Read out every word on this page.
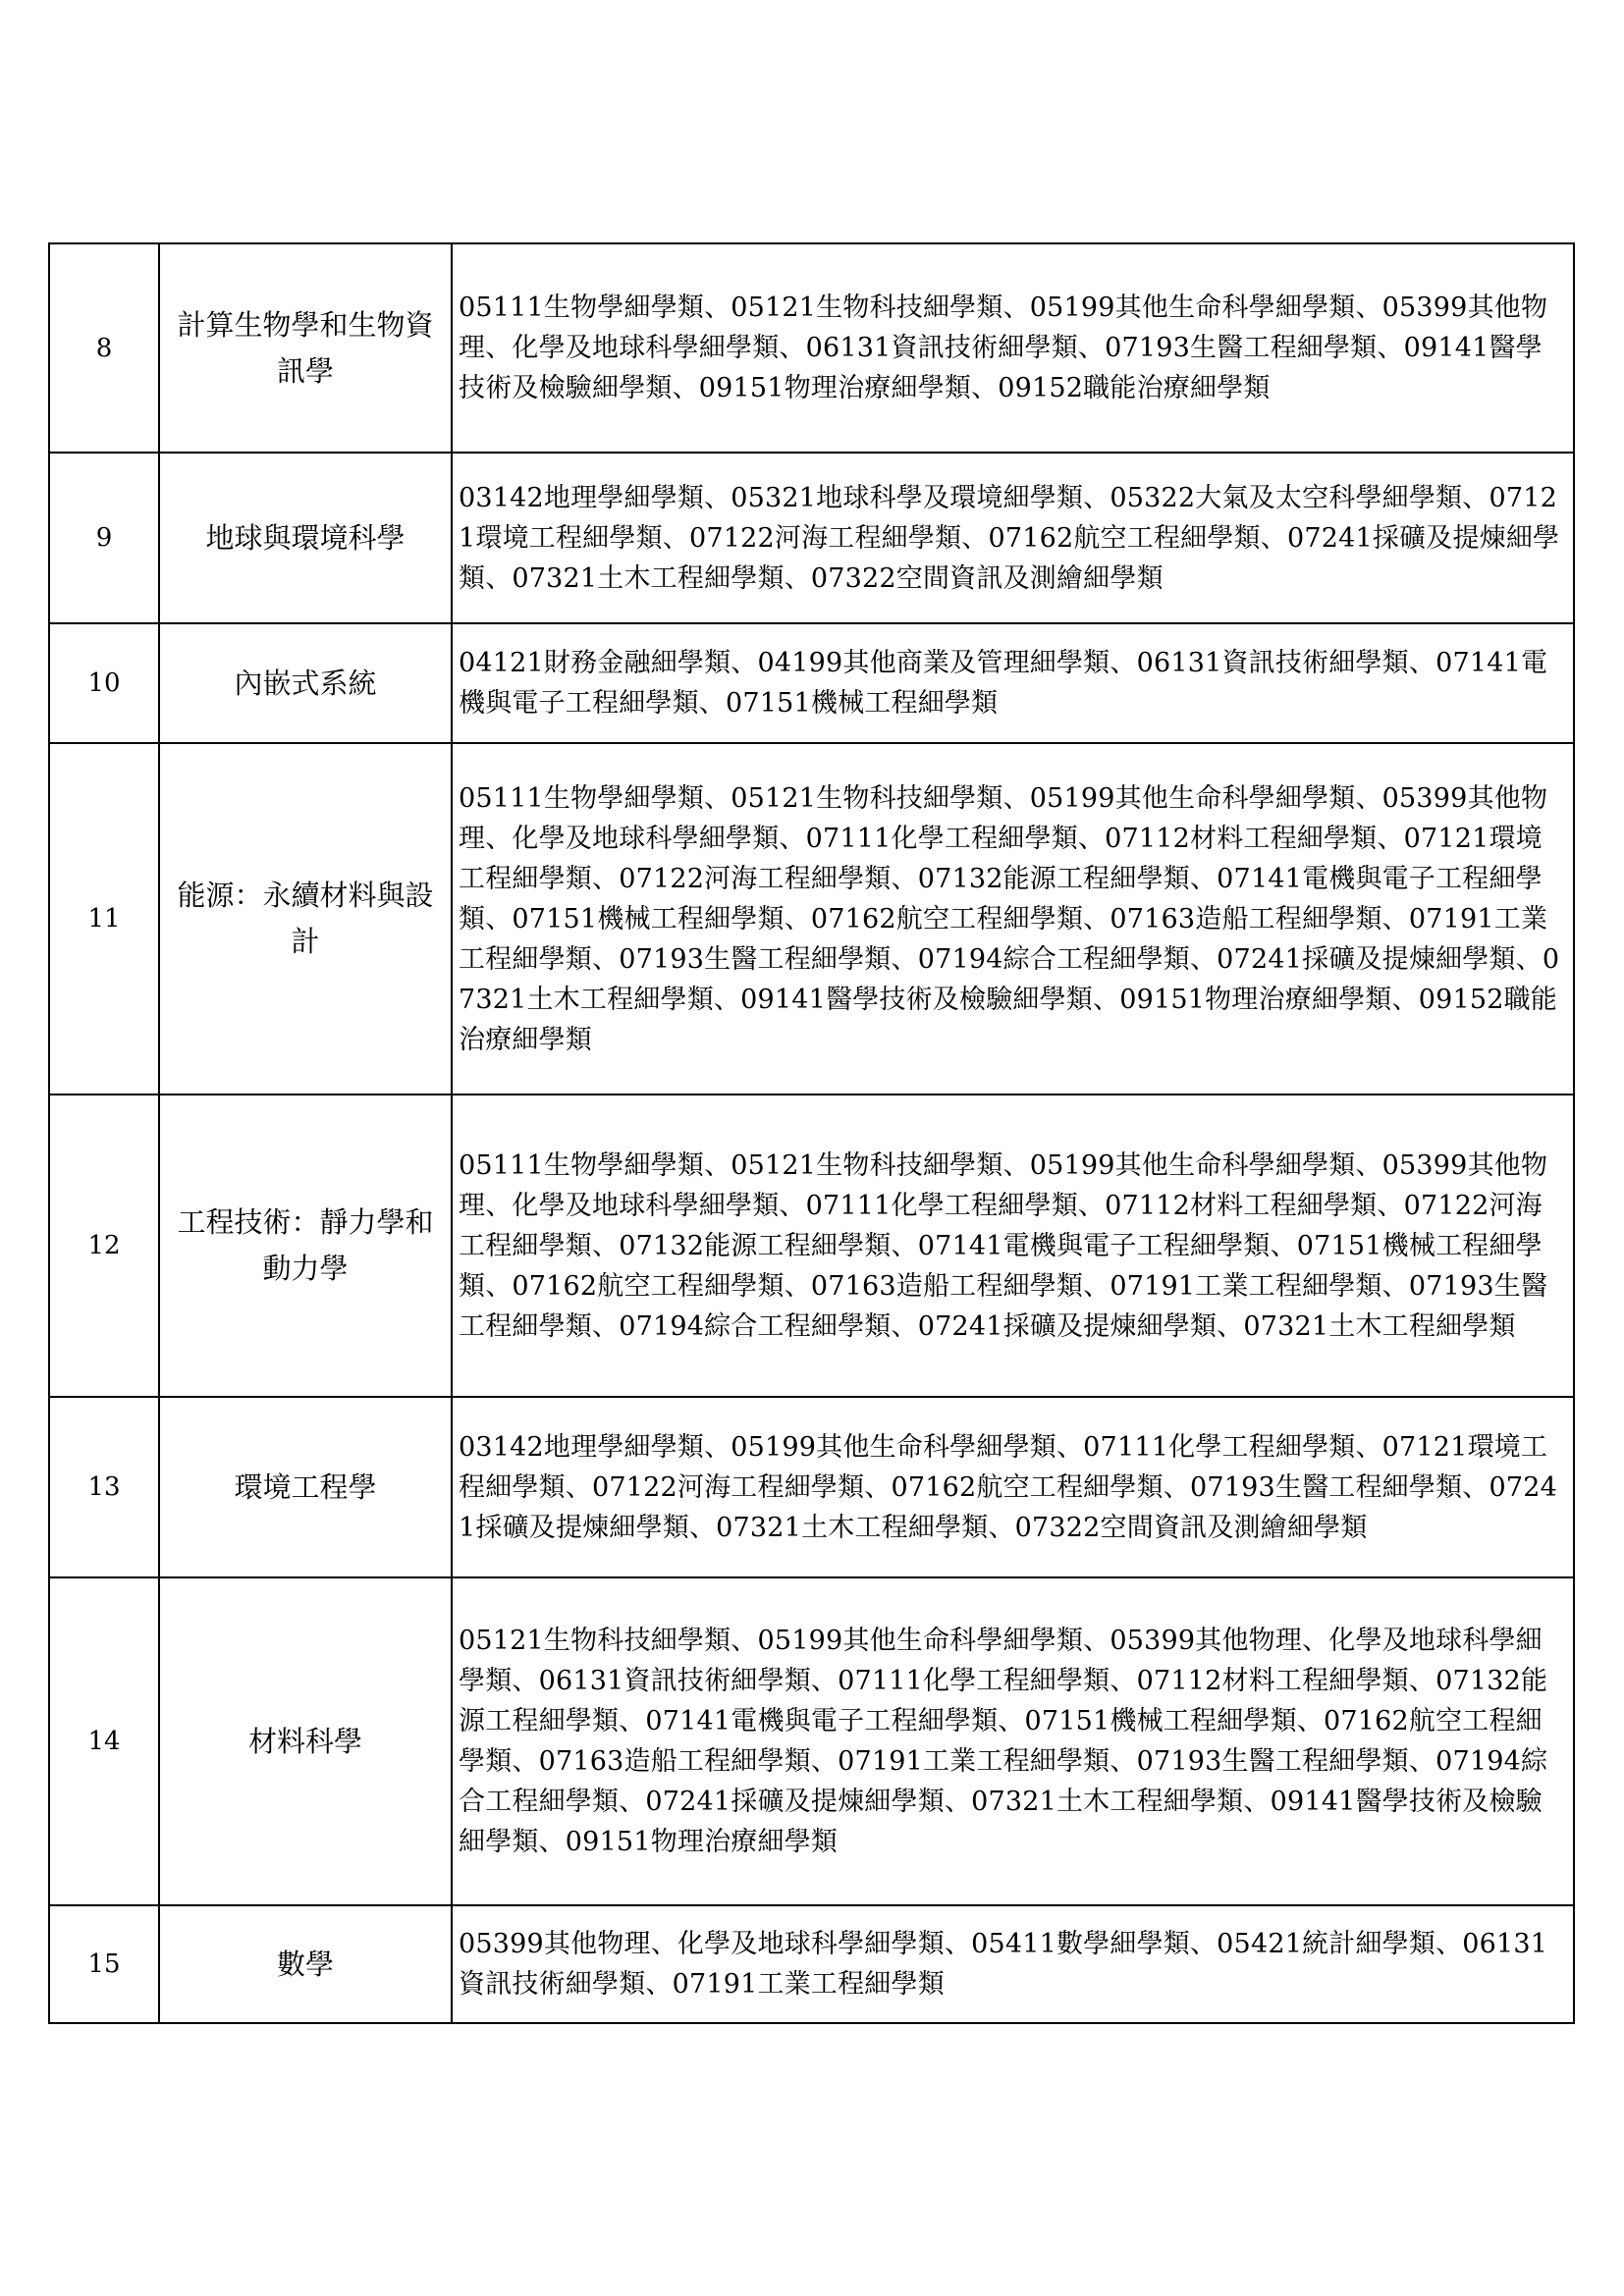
8	計算生物學和生物資訊學	05111生物學細學類、05121生物科技細學類、05199其他生命科學細學類、05399其他物理、化學及地球科學細學類、06131資訊技術細學類、07193生醫工程細學類、09141醫學技術及檢驗細學類、09151物理治療細學類、09152職能治療細學類
9	地球與環境科學	03142地理學細學類、05321地球科學及環境細學類、05322大氣及太空科學細學類、07121環境工程細學類、07122河海工程細學類、07162航空工程細學類、07241採礦及提煉細學類、07321土木工程細學類、07322空間資訊及測繪細學類
10	內嵌式系統	04121財務金融細學類、04199其他商業及管理細學類、06131資訊技術細學類、07141電機與電子工程細學類、07151機械工程細學類
11	能源：永續材料與設計	05111生物學細學類、05121生物科技細學類、05199其他生命科學細學類、05399其他物理、化學及地球科學細學類、07111化學工程細學類、07112材料工程細學類、07121環境工程細學類、07122河海工程細學類、07132能源工程細學類、07141電機與電子工程細學類、07151機械工程細學類、07162航空工程細學類、07163造船工程細學類、07191工業工程細學類、07193生醫工程細學類、07194綜合工程細學類、07241採礦及提煉細學類、07321土木工程細學類、09141醫學技術及檢驗細學類、09151物理治療細學類、09152職能治療細學類
12	工程技術：靜力學和動力學	05111生物學細學類、05121生物科技細學類、05199其他生命科學細學類、05399其他物理、化學及地球科學細學類、07111化學工程細學類、07112材料工程細學類、07122河海工程細學類、07132能源工程細學類、07141電機與電子工程細學類、07151機械工程細學類、07162航空工程細學類、07163造船工程細學類、07191工業工程細學類、07193生醫工程細學類、07194綜合工程細學類、07241採礦及提煉細學類、07321土木工程細學類
13	環境工程學	03142地理學細學類、05199其他生命科學細學類、07111化學工程細學類、07121環境工程細學類、07122河海工程細學類、07162航空工程細學類、07193生醫工程細學類、07241採礦及提煉細學類、07321土木工程細學類、07322空間資訊及測繪細學類
14	材料科學	05121生物科技細學類、05199其他生命科學細學類、05399其他物理、化學及地球科學細學類、06131資訊技術細學類、07111化學工程細學類、07112材料工程細學類、07132能源工程細學類、07141電機與電子工程細學類、07151機械工程細學類、07162航空工程細學類、07163造船工程細學類、07191工業工程細學類、07193生醫工程細學類、07194綜合工程細學類、07241採礦及提煉細學類、07321土木工程細學類、09141醫學技術及檢驗細學類、09151物理治療細學類
15	數學	05399其他物理、化學及地球科學細學類、05411數學細學類、05421統計細學類、06131資訊技術細學類、07191工業工程細學類
